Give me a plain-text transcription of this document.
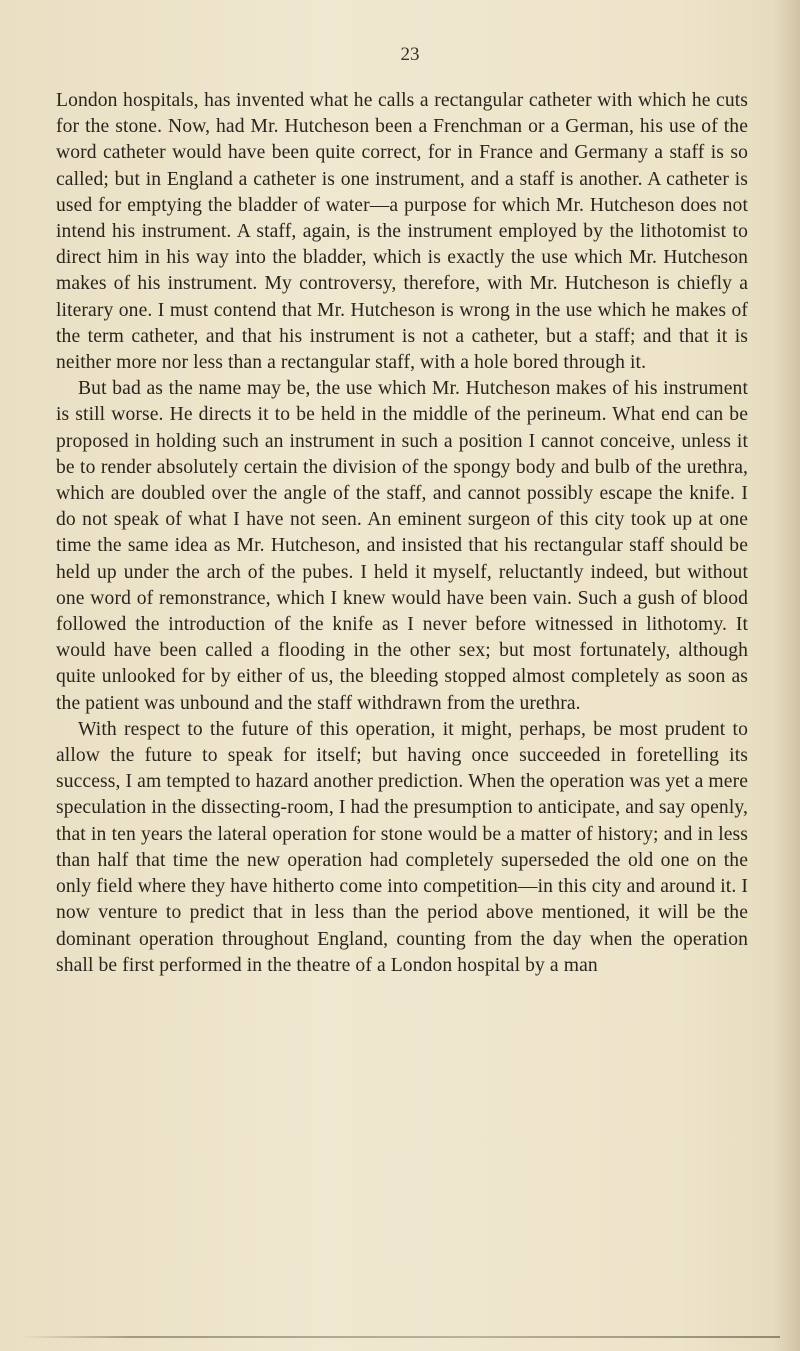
23

London hospitals, has invented what he calls a rectangular catheter with which he cuts for the stone. Now, had Mr. Hutcheson been a Frenchman or a German, his use of the word catheter would have been quite correct, for in France and Germany a staff is so called; but in England a catheter is one instrument, and a staff is another. A catheter is used for emptying the bladder of water—a purpose for which Mr. Hutcheson does not intend his instrument. A staff, again, is the instrument employed by the lithotomist to direct him in his way into the bladder, which is exactly the use which Mr. Hutcheson makes of his instrument. My controversy, therefore, with Mr. Hutcheson is chiefly a literary one. I must contend that Mr. Hutcheson is wrong in the use which he makes of the term catheter, and that his instrument is not a catheter, but a staff; and that it is neither more nor less than a rectangular staff, with a hole bored through it.

But bad as the name may be, the use which Mr. Hutcheson makes of his instrument is still worse. He directs it to be held in the middle of the perineum. What end can be proposed in holding such an instrument in such a position I cannot conceive, unless it be to render absolutely certain the division of the spongy body and bulb of the urethra, which are doubled over the angle of the staff, and cannot possibly escape the knife. I do not speak of what I have not seen. An eminent surgeon of this city took up at one time the same idea as Mr. Hutcheson, and insisted that his rectangular staff should be held up under the arch of the pubes. I held it myself, reluctantly indeed, but without one word of remonstrance, which I knew would have been vain. Such a gush of blood followed the introduction of the knife as I never before witnessed in lithotomy. It would have been called a flooding in the other sex; but most fortunately, although quite unlooked for by either of us, the bleeding stopped almost completely as soon as the patient was unbound and the staff withdrawn from the urethra.

With respect to the future of this operation, it might, perhaps, be most prudent to allow the future to speak for itself; but having once succeeded in foretelling its success, I am tempted to hazard another prediction. When the operation was yet a mere speculation in the dissecting-room, I had the presumption to anticipate, and say openly, that in ten years the lateral operation for stone would be a matter of history; and in less than half that time the new operation had completely superseded the old one on the only field where they have hitherto come into competition—in this city and around it. I now venture to predict that in less than the period above mentioned, it will be the dominant operation throughout England, counting from the day when the operation shall be first performed in the theatre of a London hospital by a man
